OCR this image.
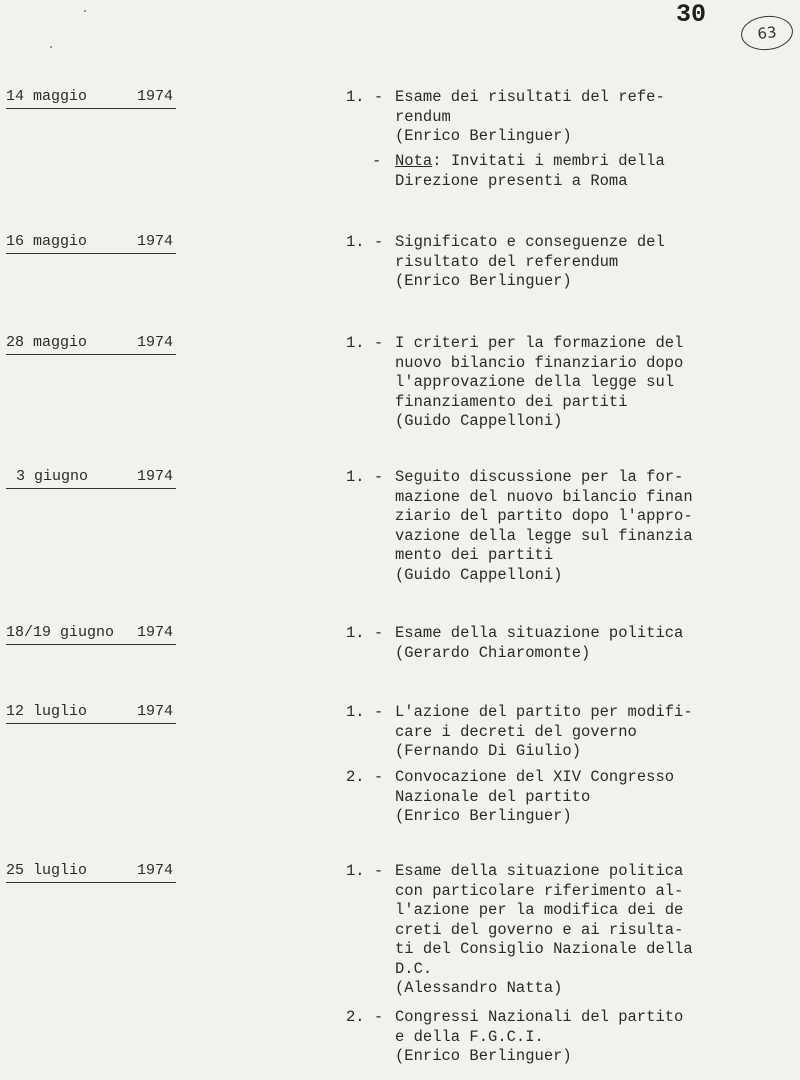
30
63
14 maggio	1974	1. - Esame dei risultati del refe-
rendum
(Enrico Berlinguer)
- Nota: Invitati i membri della
Direzione presenti a Roma
16 maggio	1974	1. - Significato e conseguenze del
risultato del referendum
(Enrico Berlinguer)
28 maggio	1974	1. - I criteri per la formazione del
nuovo bilancio finanziario dopo
l'approvazione della legge sul
finanziamento dei partiti
(Guido Cappelloni)
3 giugno	1974	1. - Seguito discussione per la for-
mazione del nuovo bilancio finan
ziario del partito dopo l'appro-
vazione della legge sul finanzia
mento dei partiti
(Guido Cappelloni)
18/19 giugno 1974	1. - Esame della situazione politica
(Gerardo Chiaromonte)
12 luglio	1974	1. - L'azione del partito per modifi-
care i decreti del governo
(Fernando Di Giulio)
2. - Convocazione del XIV Congresso
Nazionale del partito
(Enrico Berlinguer)
25 luglio	1974	1. - Esame della situazione politica
con particolare riferimento al-
l'azione per la modifica dei de
creti del governo e ai risulta-
ti del Consiglio Nazionale della
D.C.
(Alessandro Natta)
2. - Congressi Nazionali del partito
e della F.G.C.I.
(Enrico Berlinguer)
